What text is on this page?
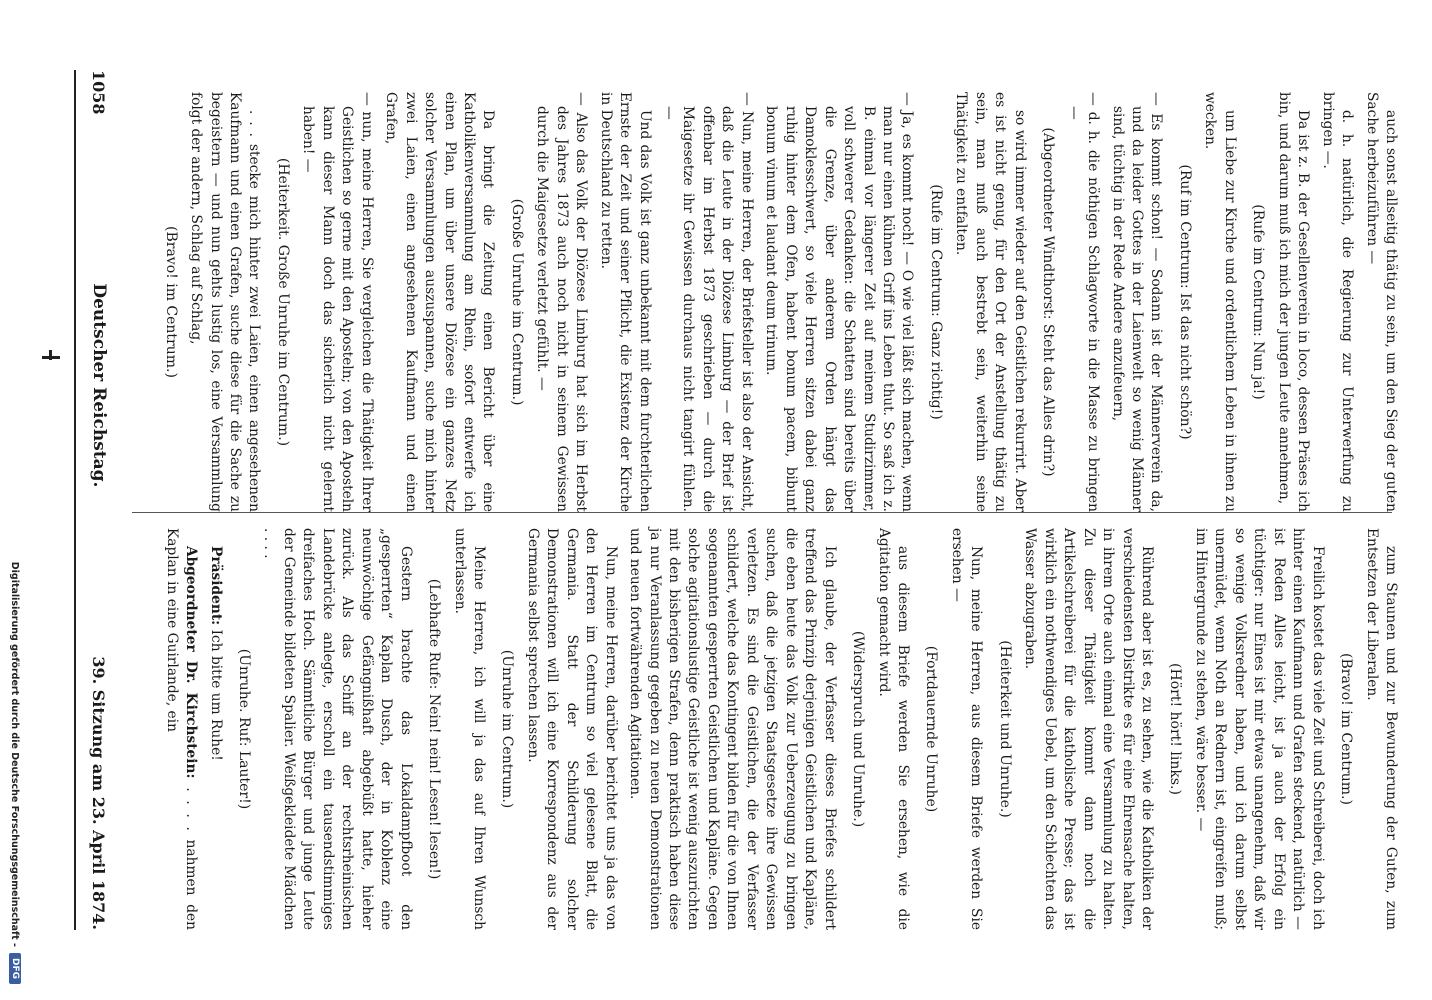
1058
Deutscher Reichstag.
39. Sitzung am 23. April 1874.

auch sonst allseitig thätig zu sein, um den Sieg der guten Sache herbeizuführen —

d. h. natürlich, die Regierung zur Unterwerfung zu bringen —.

Da ist z. B. der Gesellenverein in loco, dessen Präses ich bin, und darum muß ich mich der jungen Leute annehmen,

(Rufe im Centrum: Nun ja!)

um Liebe zur Kirche und ordentlichem Leben in ihnen zu wecken.

(Ruf im Centrum: Ist das nicht schön?)

— Es kommt schon! — Sodann ist der Männerverein da, und da leider Gottes in der Laienwelt so wenig Männer sind, tüchtig in der Rede Andere anzufeuern,

— d. h. die nöthigen Schlagworte in die Masse zu bringen —

(Abgeordneter Windthorst: Steht das Alles drin?)

so wird immer wieder auf den Geistlichen rekurrirt. Aber es ist nicht genug, für den Ort der Anstellung thätig zu sein, man muß auch bestrebt sein, weiterhin seine Thätigkeit zu entfalten.

(Rufe im Centrum: Ganz richtig!)

— Ja, es kommt noch! — O wie viel läßt sich machen, wenn man nur einen kühnen Griff ins Leben thut. So saß ich z. B. einmal vor längerer Zeit auf meinem Studirzimmer, voll schwerer Gedanken: die Schatten sind bereits über die Grenze, über anderem Orden hängt das Damoklesschwert, so viele Herren sitzen dabei ganz ruhig hinter dem Ofen, habent bonum pacem, bibunt bonum vinum et laudant deum trinum.

— Nun, meine Herren, der Briefsteller ist also der Ansicht, daß die Leute in der Diözese Limburg — der Brief ist offenbar im Herbst 1873 geschrieben — durch die Maigesetze ihr Gewissen durchaus nicht tangirt fühlen. —

Und das Volk ist ganz unbekannt mit dem furchterlichen Ernste der Zeit und seiner Pflicht, die Existenz der Kirche in Deutschland zu retten.

— Also das Volk der Diözese Limburg hat sich im Herbst des Jahres 1873 auch noch nicht in seinem Gewissen durch die Maigesetze verletzt gefühlt. —

(Große Unruhe im Centrum.)

Da bringt die Zeitung einen Bericht über eine Katholikenversammlung am Rhein, sofort entwerfe ich einen Plan, um über unsere Diözese ein ganzes Netz solcher Versammlungen auszuspannen, suche mich hinter zwei Laien, einen angesehenen Kaufmann und einen Grafen,

— nun, meine Herren, Sie vergleichen die Thätigkeit Ihrer Geistlichen so gerne mit den Aposteln; von den Aposteln kann dieser Mann doch das sicherlich nicht gelernt haben! —

(Heiterkeit. Große Unruhe im Centrum.)

. . . stecke mich hinter zwei Laien, einen angesehenen Kaufmann und einen Grafen, suche diese für die Sache zu begeistern — und nun gehts lustig los, eine Versammlung folgt der andern, Schlag auf Schlag,

(Bravo! im Centrum.)

zum Staunen und zur Bewunderung der Guten, zum Entsetzen der Liberalen.

(Bravo! im Centrum.)

Freilich kostet das viele Zeit und Schreiberei, doch ich hinter einen Kaufmann und Grafen steckend, natürlich — ist Reden Alles leicht, ist ja auch der Erfolg ein tüchtiger: nur Eines ist mir etwas unangenehm, daß wir so wenige Volksredner haben, und ich darum selbst unermüdet, wenn Noth an Rednern ist, eingreifen muß; im Hintergrunde zu stehen, wäre besser. —

(Hört! hört! links.)

Rührend aber ist es, zu sehen, wie die Katholiken der verschiedensten Distrikte es für eine Ehrensache halten, in ihrem Orte auch einmal eine Versammlung zu halten. Zu dieser Thätigkeit kommt dann noch die Artikelschreiberei für die katholische Presse; das ist wirklich ein nothwendiges Uebel, um den Schlechten das Wasser abzugraben.

(Heiterkeit und Unruhe.)

Nun, meine Herren, aus diesem Briefe werden Sie ersehen —

(Fortdauernde Unruhe)

aus diesem Briefe werden Sie ersehen, wie die Agitation gemacht wird.

(Widerspruch und Unruhe.)

Ich glaube, der Verfasser dieses Briefes schildert treffend das Prinzip derjenigen Geistlichen und Kapläne, die eben heute das Volk zur Ueberzeugung zu bringen suchen, daß die jetzigen Staatsgesetze ihre Gewissen verletzen. Es sind die Geistlichen, die der Verfasser schildert, welche das Kontingent bilden für die von Ihnen sogenannten gesperrten Geistlichen und Kapläne. Gegen solche agitationslustige Geistliche ist wenig auszurichten mit den bisherigen Strafen, denn praktisch haben diese ja nur Veranlassung gegeben zu neuen Demonstrationen und neuen fortwährenden Agitationen.

Nun, meine Herren, darüber berichtet uns ja das von den Herren im Centrum so viel gelesene Blatt, die Germania. Statt der Schilderung solcher Demonstrationen will ich eine Korrespondenz aus der Germania selbst sprechen lassen.

(Unruhe im Centrum.)

Meine Herren, ich will ja das auf Ihren Wunsch unterlassen.

(Lebhafte Rufe: Nein! nein! Lesen! lesen!)

Gestern brachte das Lokaldampfboot den „gesperrten“ Kaplan Dusch, der in Koblenz eine neunwöchige Gefängnißhaft abgebüßt hatte, hieher zurück. Als das Schiff an der rechtsrheinischen Landebrücke anlegte, erscholl ein tausendstimmiges dreifaches Hoch. Sämmtliche Bürger und junge Leute der Gemeinde bildeten Spalier. Weißgekleidete Mädchen . . . .

(Unruhe. Ruf: Lauter!)

Präsident: Ich bitte um Ruhe!

Abgeordneter Dr. Kirchstein: . . . . nahmen den Kaplan in eine Guirlande, ein

Digitalisierung gefördert durch die Deutsche Forschungsgemeinschaft -
DFG
